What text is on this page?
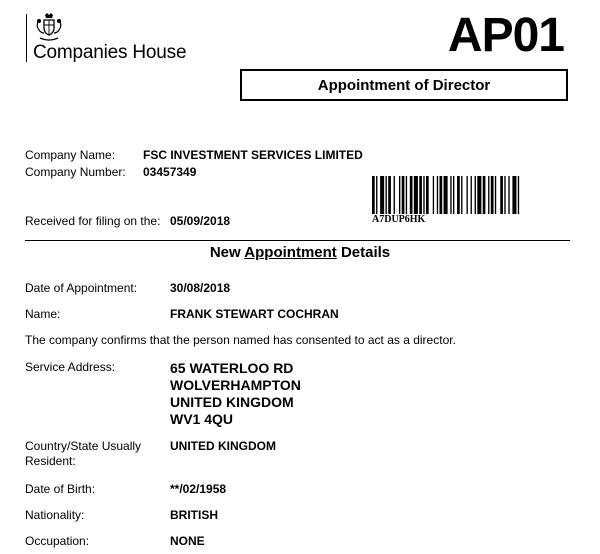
Companies House	AP01
Appointment of Director
Company Name: FSC INVESTMENT SERVICES LIMITED
Company Number: 03457349
A7DUP6HK
Received for filing on the: 05/09/2018
New Appointment Details
Date of Appointment:	30/08/2018
Name:	FRANK STEWART COCHRAN
The company confirms that the person named has consented to act as a director.
Service Address:	65 WATERLOO RD
WOLVERHAMPTON
UNITED KINGDOM
WV1 4QU
Country/State Usually Resident:
UNITED KINGDOM
Date of Birth:	**/02/1958
Nationality:	BRITISH
Occupation:	NONE
